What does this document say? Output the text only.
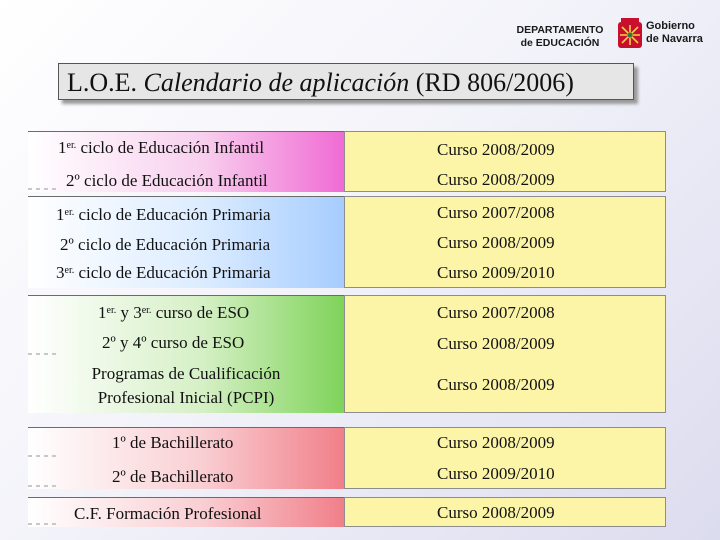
DEPARTAMENTO
de EDUCACIÓN
Gobierno
de Navarra
L.O.E. Calendario de aplicación (RD 806/2006)
$1^{er.}$ ciclo de Educación Infantil
2º ciclo de Educación Infantil
Curso 2008/2009
Curso 2008/2009
$1^{er.}$ ciclo de Educación Primaria
2º ciclo de Educación Primaria
$3^{er.}$ ciclo de Educación Primaria
Curso 2007/2008
Curso 2008/2009
Curso 2009/2010
$1^{er.}$ y $3^{er.}$ curso de ESO
2º y 4º curso de ESO
Programas de Cualificación
Profesional Inicial (PCPI)
Curso 2007/2008
Curso 2008/2009
Curso 2008/2009
1º de Bachillerato
2º de Bachillerato
Curso 2008/2009
Curso 2009/2010
C.F. Formación Profesional	Curso 2008/2009
